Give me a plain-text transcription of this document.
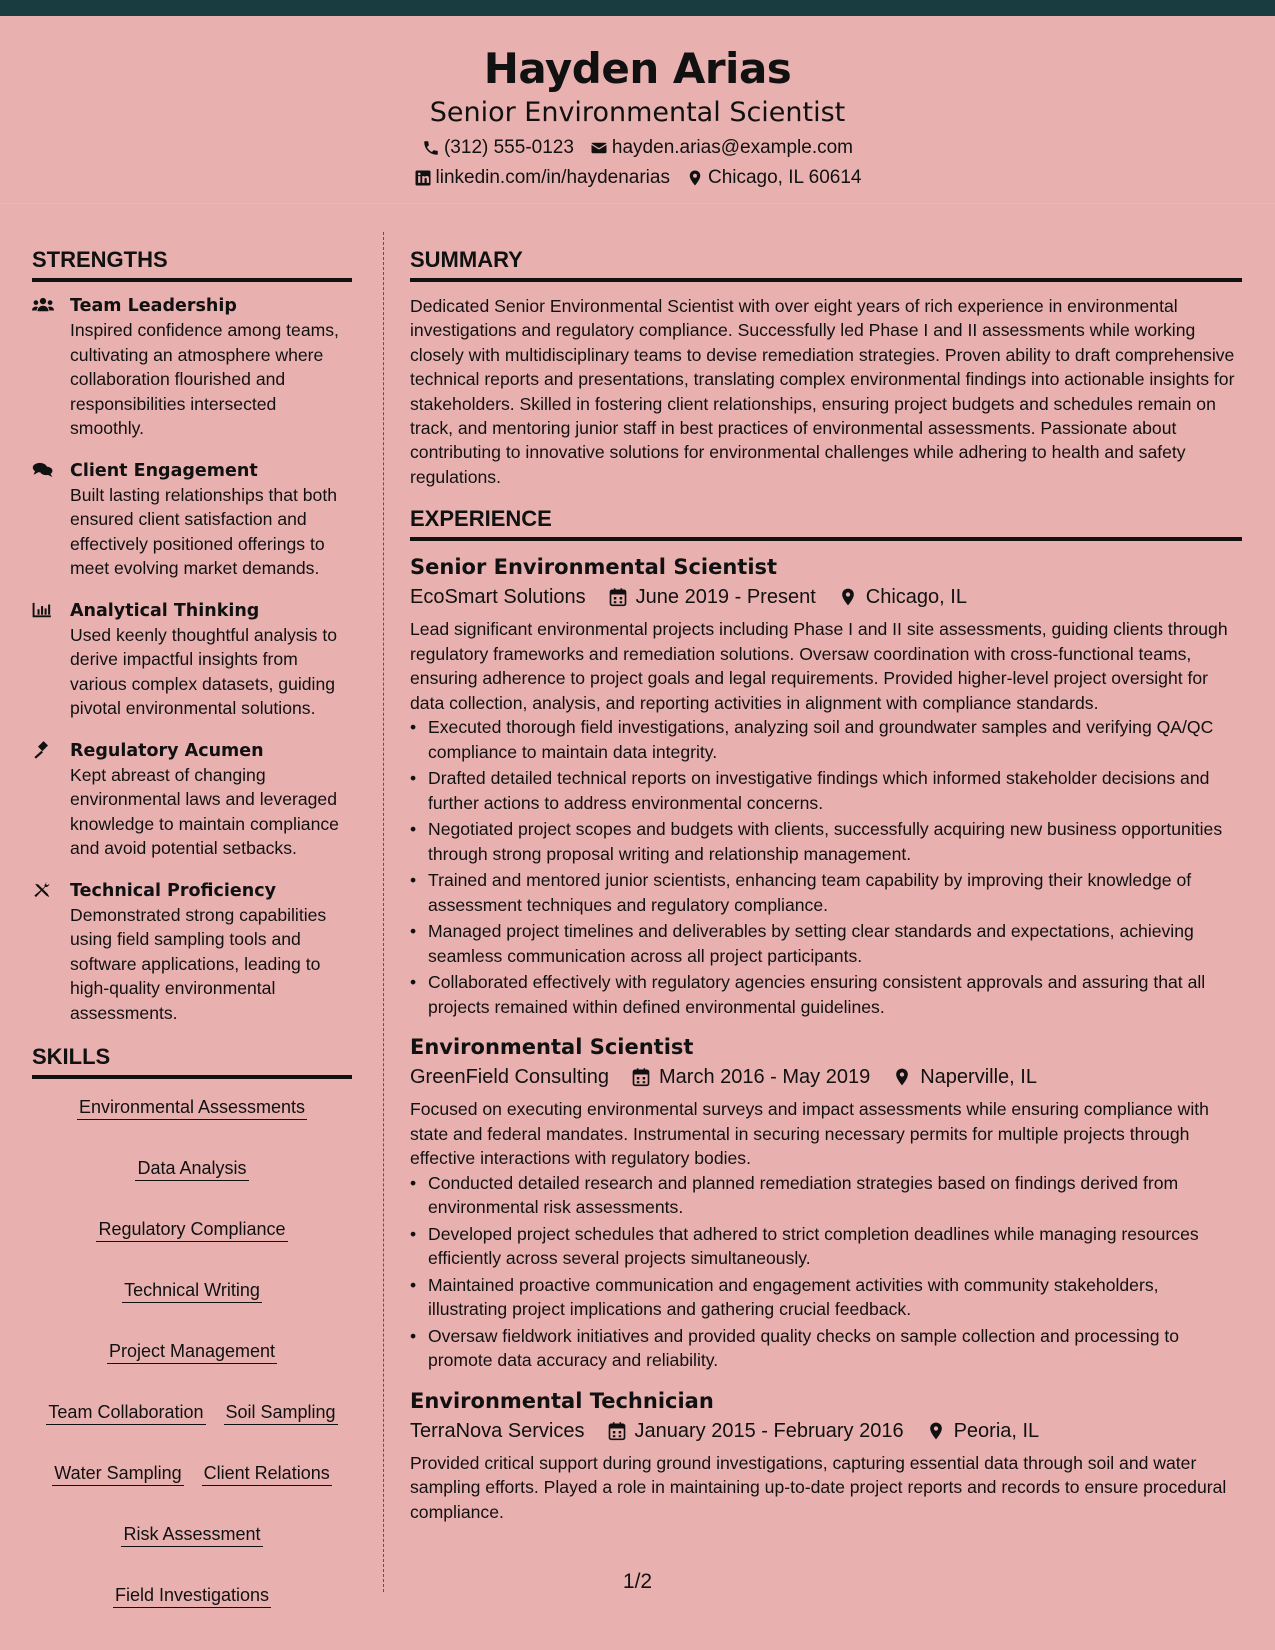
Hayden Arias
Senior Environmental Scientist
(312) 555-0123 hayden.arias@example.com
linkedin.com/in/haydenarias Chicago, IL 60614
STRENGTHS
Team Leadership
Inspired confidence among teams, cultivating an atmosphere where collaboration flourished and responsibilities intersected smoothly.
Client Engagement
Built lasting relationships that both ensured client satisfaction and effectively positioned offerings to meet evolving market demands.
Analytical Thinking
Used keenly thoughtful analysis to derive impactful insights from various complex datasets, guiding pivotal environmental solutions.
Regulatory Acumen
Kept abreast of changing environmental laws and leveraged knowledge to maintain compliance and avoid potential setbacks.
Technical Proficiency
Demonstrated strong capabilities using field sampling tools and software applications, leading to high-quality environmental assessments.
SKILLS
Environmental Assessments
Data Analysis
Regulatory Compliance
Technical Writing
Project Management
Team Collaboration Soil Sampling
Water Sampling Client Relations
Risk Assessment
Field Investigations
SUMMARY
Dedicated Senior Environmental Scientist with over eight years of rich experience in environmental investigations and regulatory compliance. Successfully led Phase I and II assessments while working closely with multidisciplinary teams to devise remediation strategies. Proven ability to draft comprehensive technical reports and presentations, translating complex environmental findings into actionable insights for stakeholders. Skilled in fostering client relationships, ensuring project budgets and schedules remain on track, and mentoring junior staff in best practices of environmental assessments. Passionate about contributing to innovative solutions for environmental challenges while adhering to health and safety regulations.
EXPERIENCE
Senior Environmental Scientist
EcoSmart Solutions	June 2019 - Present	Chicago, IL
Lead significant environmental projects including Phase I and II site assessments, guiding clients through regulatory frameworks and remediation solutions. Oversaw coordination with cross-functional teams, ensuring adherence to project goals and legal requirements. Provided higher-level project oversight for data collection, analysis, and reporting activities in alignment with compliance standards.
• Executed thorough field investigations, analyzing soil and groundwater samples and verifying QA/QC compliance to maintain data integrity.
• Drafted detailed technical reports on investigative findings which informed stakeholder decisions and further actions to address environmental concerns.
• Negotiated project scopes and budgets with clients, successfully acquiring new business opportunities through strong proposal writing and relationship management.
• Trained and mentored junior scientists, enhancing team capability by improving their knowledge of assessment techniques and regulatory compliance.
• Managed project timelines and deliverables by setting clear standards and expectations, achieving seamless communication across all project participants.
• Collaborated effectively with regulatory agencies ensuring consistent approvals and assuring that all projects remained within defined environmental guidelines.
Environmental Scientist
GreenField Consulting	March 2016 - May 2019	Naperville, IL
Focused on executing environmental surveys and impact assessments while ensuring compliance with state and federal mandates. Instrumental in securing necessary permits for multiple projects through effective interactions with regulatory bodies.
• Conducted detailed research and planned remediation strategies based on findings derived from environmental risk assessments.
• Developed project schedules that adhered to strict completion deadlines while managing resources efficiently across several projects simultaneously.
• Maintained proactive communication and engagement activities with community stakeholders, illustrating project implications and gathering crucial feedback.
• Oversaw fieldwork initiatives and provided quality checks on sample collection and processing to promote data accuracy and reliability.
Environmental Technician
TerraNova Services	January 2015 - February 2016	Peoria, IL
Provided critical support during ground investigations, capturing essential data through soil and water sampling efforts. Played a role in maintaining up-to-date project reports and records to ensure procedural compliance.
1/2
